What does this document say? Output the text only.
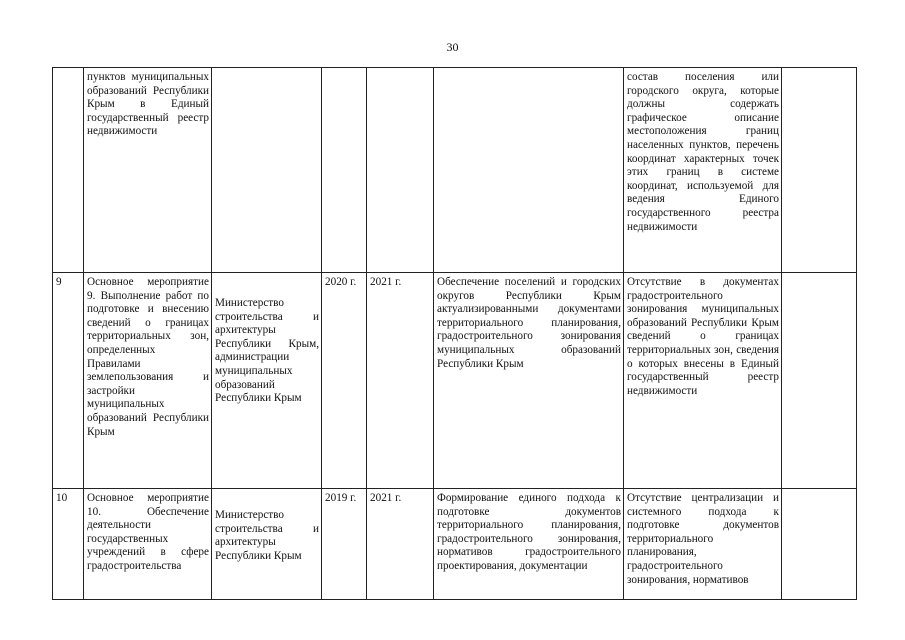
30
	пунктов муниципальных образований Республики Крым в Единый государственный реестр недвижимости					состав поселения или городского округа, которые должны содержать графическое описание местоположения границ населенных пунктов, перечень координат характерных точек этих границ в системе координат, используемой для ведения Единого государственного реестра недвижимости	
9	Основное мероприятие 9. Выполнение работ по подготовке и внесению сведений о границах территориальных зон, определенных Правилами землепользования и застройки муниципальных образований Республики Крым	Министерство строительства и архитектуры Республики Крым, администрации муниципальных образований Республики Крым	2020 г.	2021 г.	Обеспечение поселений и городских округов Республики Крым актуализированными документами территориального планирования, градостроительного зонирования муниципальных образований Республики Крым	Отсутствие в документах градостроительного зонирования муниципальных образований Республики Крым сведений о границах территориальных зон, сведения о которых внесены в Единый государственный реестр недвижимости	
10	Основное мероприятие 10. Обеспечение деятельности государственных учреждений в сфере градостроительства	Министерство строительства и архитектуры Республики Крым	2019 г.	2021 г.	Формирование единого подхода к подготовке документов территориального планирования, градостроительного зонирования, нормативов градостроительного проектирования, документации	Отсутствие централизации и системного подхода к подготовке документов территориального планирования, градостроительного зонирования, нормативов	
